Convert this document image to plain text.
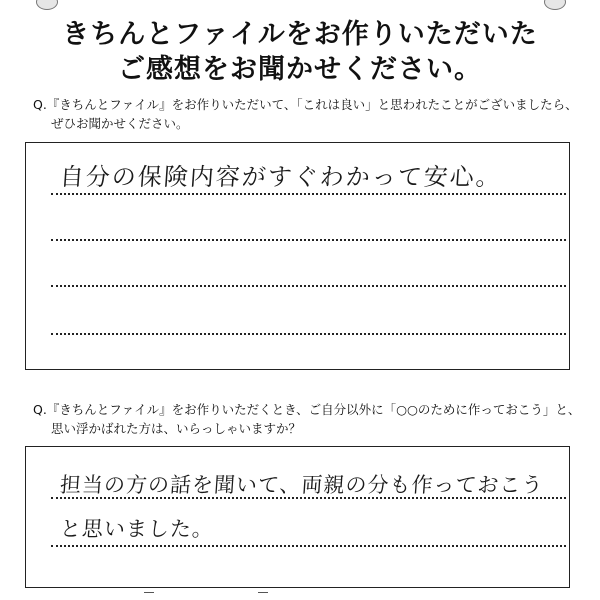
きちんとファイルをお作りいただいた
ご感想をお聞かせください。
Q.『きちんとファイル』をお作りいただいて、「これは良い」と思われたことがございましたら、
ぜひお聞かせください。
自分の保険内容がすぐわかって安心。
Q.『きちんとファイル』をお作りいただくとき、ご自分以外に「○○のために作っておこう」と、
思い浮かばれた方は、いらっしゃいますか？
担当の方の話を聞いて、両親の分も作っておこう
と思いました。
